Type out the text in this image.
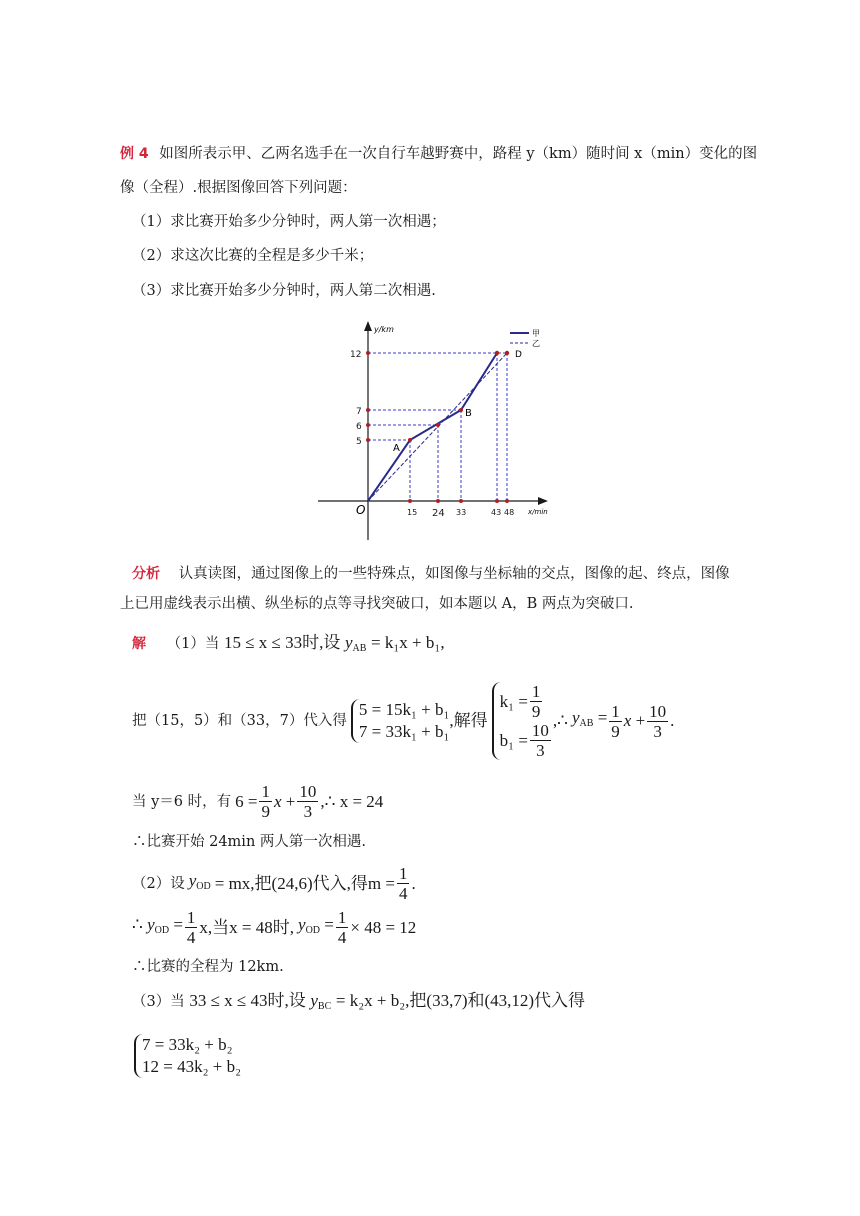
例 4 如图所表示甲、乙两名选手在一次自行车越野赛中，路程 y（km）随时间 x（min）变化的图
像（全程）.根据图像回答下列问题：
（1）求比赛开始多少分钟时，两人第一次相遇；
（2）求这次比赛的全程是多少千米；
（3）求比赛开始多少分钟时，两人第二次相遇.
y/km
x/min
O
甲
乙
15 24 33	43 48
5
6
7
12
A
B
D
分析 认真读图，通过图像上的一些特殊点，如图像与坐标轴的交点，图像的起、终点，图像
上已用虚线表示出横、纵坐标的点等寻找突破口，如本题以 A，B 两点为突破口.
解 （1）当 15 ≤ x ≤ 33时,设 $y_{AB} = k_1x + b_1$,
把（15，5）和（33，7）代入得
5 = 15k₁ + b₁
7 = 33k₁ + b₁
,解得
$k_1 = \frac{1}{9}$
$b_1 = \frac{10}{3}$
,∴ $y_{AB} = \frac{1}{9}$ $x + \frac{10}{3}$ .
当 y＝6 时，有 $6 = \frac{1}{9}$ $x + \frac{10}{3}$ ,∴ x = 24
∴比赛开始 24min 两人第一次相遇.
（2）设 $y_{OD}$ = mx,把(24,6)代入,得$m = \frac{1}{4}$ .
∴ $y_{OD} = \frac{1}{4} x$,当x = 48时, $y_{OD} = \frac{1}{4} \times 48 = 12$
∴比赛的全程为 12km.
（3）当 33 ≤ x ≤ 43时,设 $y_{BC} = k_2x + b_2$,把(33,7)和(43,12)代入得
7 = 33k₂ + b₂
12 = 43k₂ + b₂
